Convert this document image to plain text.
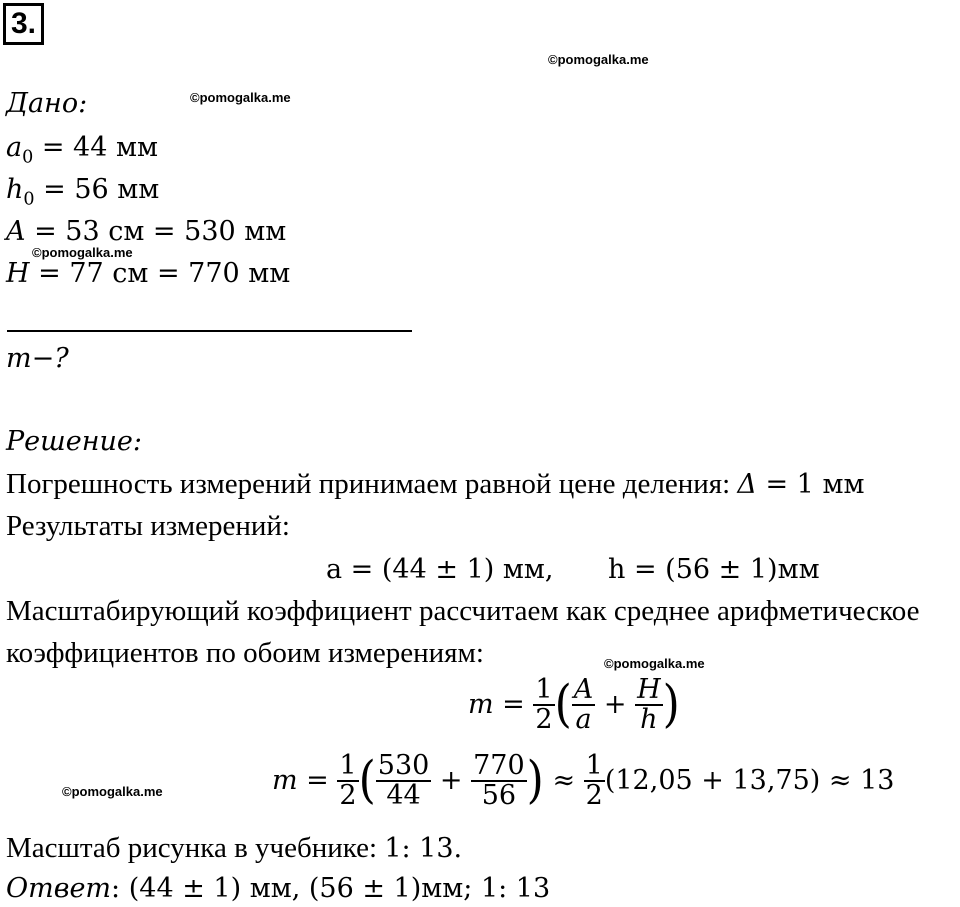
3.
©pomogalka.me
©pomogalka.me
©pomogalka.me
©pomogalka.me
©pomogalka.me
Дано:
$a_0 = 44$ мм
$h_0 = 56$ мм
A = 53 см = 530 мм
H = 77 см = 770 мм
m−?
Решение:
Погрешность измерений принимаем равной цене деления: Δ = 1 мм
Результаты измерений:
a = (44 ± 1) мм, h = (56 ± 1)мм
Масштабирующий коэффициент рассчитаем как среднее арифметическое
коэффициентов по обоим измерениям:
$m = \frac{1}{2}$ ( $\frac{A}{a} + \frac{H}{h}$ )
$m = \frac{1}{2}$ ( $\frac{530}{44} + \frac{770}{56}$ ) ≈ $\frac{1}{2} (12,05 + 13,75) \approx 13$
Масштаб рисунка в учебнике: 1: 13.
Ответ: (44 ± 1) мм, (56 ± 1)мм; 1: 13
